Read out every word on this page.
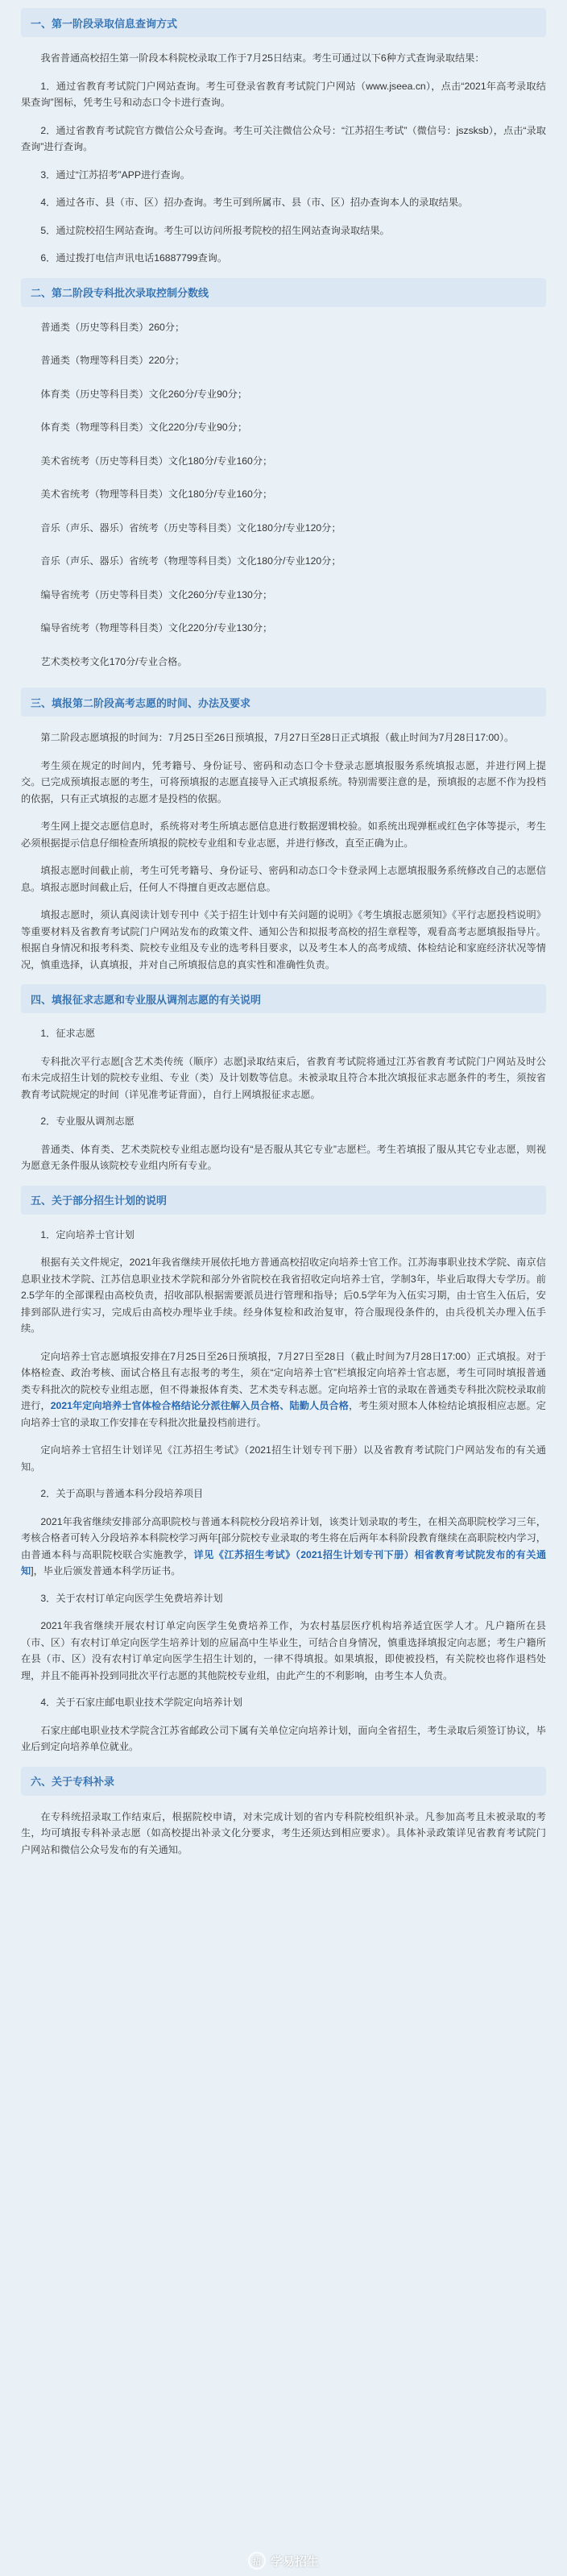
一、第一阶段录取信息查询方式

我省普通高校招生第一阶段本科院校录取工作于7月25日结束。考生可通过以下6种方式查询录取结果：

1．通过省教育考试院门户网站查询。考生可登录省教育考试院门户网站（www.jseea.cn），点击“2021年高考录取结果查询”图标，凭考生号和动态口令卡进行查询。

2．通过省教育考试院官方微信公众号查询。考生可关注微信公众号：“江苏招生考试”（微信号：jszsksb），点击“录取查询”进行查询。

3．通过“江苏招考”APP进行查询。

4．通过各市、县（市、区）招办查询。考生可到所属市、县（市、区）招办查询本人的录取结果。

5．通过院校招生网站查询。考生可以访问所报考院校的招生网站查询录取结果。

6．通过拨打电信声讯电话16887799查询。

二、第二阶段专科批次录取控制分数线

普通类（历史等科目类）260分；

普通类（物理等科目类）220分；

体育类（历史等科目类）文化260分/专业90分；

体育类（物理等科目类）文化220分/专业90分；

美术省统考（历史等科目类）文化180分/专业160分；

美术省统考（物理等科目类）文化180分/专业160分；

音乐（声乐、器乐）省统考（历史等科目类）文化180分/专业120分；

音乐（声乐、器乐）省统考（物理等科目类）文化180分/专业120分；

编导省统考（历史等科目类）文化260分/专业130分；

编导省统考（物理等科目类）文化220分/专业130分；

艺术类校考文化170分/专业合格。

三、填报第二阶段高考志愿的时间、办法及要求

第二阶段志愿填报的时间为：7月25日至26日预填报，7月27日至28日正式填报（截止时间为7月28日17:00）。

考生须在规定的时间内，凭考籍号、身份证号、密码和动态口令卡登录志愿填报服务系统填报志愿，并进行网上提交。已完成预填报志愿的考生，可将预填报的志愿直接导入正式填报系统。特别需要注意的是，预填报的志愿不作为投档的依据，只有正式填报的志愿才是投档的依据。

考生网上提交志愿信息时，系统将对考生所填志愿信息进行数据逻辑校验。如系统出现弹框或红色字体等提示，考生必须根据提示信息仔细检查所填报的院校专业组和专业志愿，并进行修改，直至正确为止。

填报志愿时间截止前，考生可凭考籍号、身份证号、密码和动态口令卡登录网上志愿填报服务系统修改自己的志愿信息。填报志愿时间截止后，任何人不得擅自更改志愿信息。

填报志愿时，须认真阅读计划专刊中《关于招生计划中有关问题的说明》《考生填报志愿须知》《平行志愿投档说明》等重要材料及省教育考试院门户网站发布的政策文件、通知公告和拟报考高校的招生章程等，观看高考志愿填报指导片。根据自身情况和报考科类、院校专业组及专业的选考科目要求，以及考生本人的高考成绩、体检结论和家庭经济状况等情况，慎重选择，认真填报，并对自己所填报信息的真实性和准确性负责。

四、填报征求志愿和专业服从调剂志愿的有关说明

1．征求志愿

专科批次平行志愿[含艺术类传统（顺序）志愿]录取结束后，省教育考试院将通过江苏省教育考试院门户网站及时公布未完成招生计划的院校专业组、专业（类）及计划数等信息。未被录取且符合本批次填报征求志愿条件的考生，须按省教育考试院规定的时间（详见准考证背面），自行上网填报征求志愿。

2．专业服从调剂志愿

普通类、体育类、艺术类院校专业组志愿均设有“是否服从其它专业”志愿栏。考生若填报了服从其它专业志愿，则视为愿意无条件服从该院校专业组内所有专业。

五、关于部分招生计划的说明

1．定向培养士官计划

根据有关文件规定，2021年我省继续开展依托地方普通高校招收定向培养士官工作。江苏海事职业技术学院、南京信息职业技术学院、江苏信息职业技术学院和部分外省院校在我省招收定向培养士官，学制3年，毕业后取得大专学历。前2.5学年的全部课程由高校负责，招收部队根据需要派员进行管理和指导；后0.5学年为入伍实习期，由士官生入伍后，安排到部队进行实习，完成后由高校办理毕业手续。经身体复检和政治复审，符合服现役条件的，由兵役机关办理入伍手续。

定向培养士官志愿填报安排在7月25日至26日预填报，7月27日至28日（截止时间为7月28日17:00）正式填报。对于体格检查、政治考核、面试合格且有志报考的考生，须在“定向培养士官”栏填报定向培养士官志愿，考生可同时填报普通类专科批次的院校专业组志愿，但不得兼报体育类、艺术类专科志愿。定向培养士官的录取在普通类专科批次院校录取前进行，2021年定向培养士官体检合格结论分派往解入员合格、陆勤人员合格，考生须对照本人体检结论填报相应志愿。定向培养士官的录取工作安排在专科批次批量投档前进行。

定向培养士官招生计划详见《江苏招生考试》（2021招生计划专刊下册）以及省教育考试院门户网站发布的有关通知。

2．关于高职与普通本科分段培养项目

2021年我省继续安排部分高职院校与普通本科院校分段培养计划，该类计划录取的考生，在相关高职院校学习三年，考核合格者可转入分段培养本科院校学习两年[部分院校专业录取的考生将在后两年本科阶段教育继续在高职院校内学习，由普通本科与高职院校联合实施教学，详见《江苏招生考试》（2021招生计划专刊下册）相省教育考试院发布的有关通知]，毕业后颁发普通本科学历证书。

3．关于农村订单定向医学生免费培养计划

2021年我省继续开展农村订单定向医学生免费培养工作，为农村基层医疗机构培养适宜医学人才。凡户籍所在县（市、区）有农村订单定向医学生培养计划的应届高中生毕业生，可结合自身情况，慎重选择填报定向志愿；考生户籍所在县（市、区）没有农村订单定向医学生招生计划的，一律不得填报。如果填报，即使被投档，有关院校也将作退档处理，并且不能再补投到同批次平行志愿的其他院校专业组，由此产生的不利影响，由考生本人负责。

4．关于石家庄邮电职业技术学院定向培养计划

石家庄邮电职业技术学院含江苏省邮政公司下属有关单位定向培养计划，面向全省招生，考生录取后须签订协议，毕业后到定向培养单位就业。

六、关于专科补录

在专科统招录取工作结束后，根据院校申请，对未完成计划的省内专科院校组织补录。凡参加高考且未被录取的考生，均可填报专科补录志愿（如高校提出补录文化分要求，考生还须达到相应要求）。具体补录政策详见省教育考试院门户网站和微信公众号发布的有关通知。

招 学易招生
